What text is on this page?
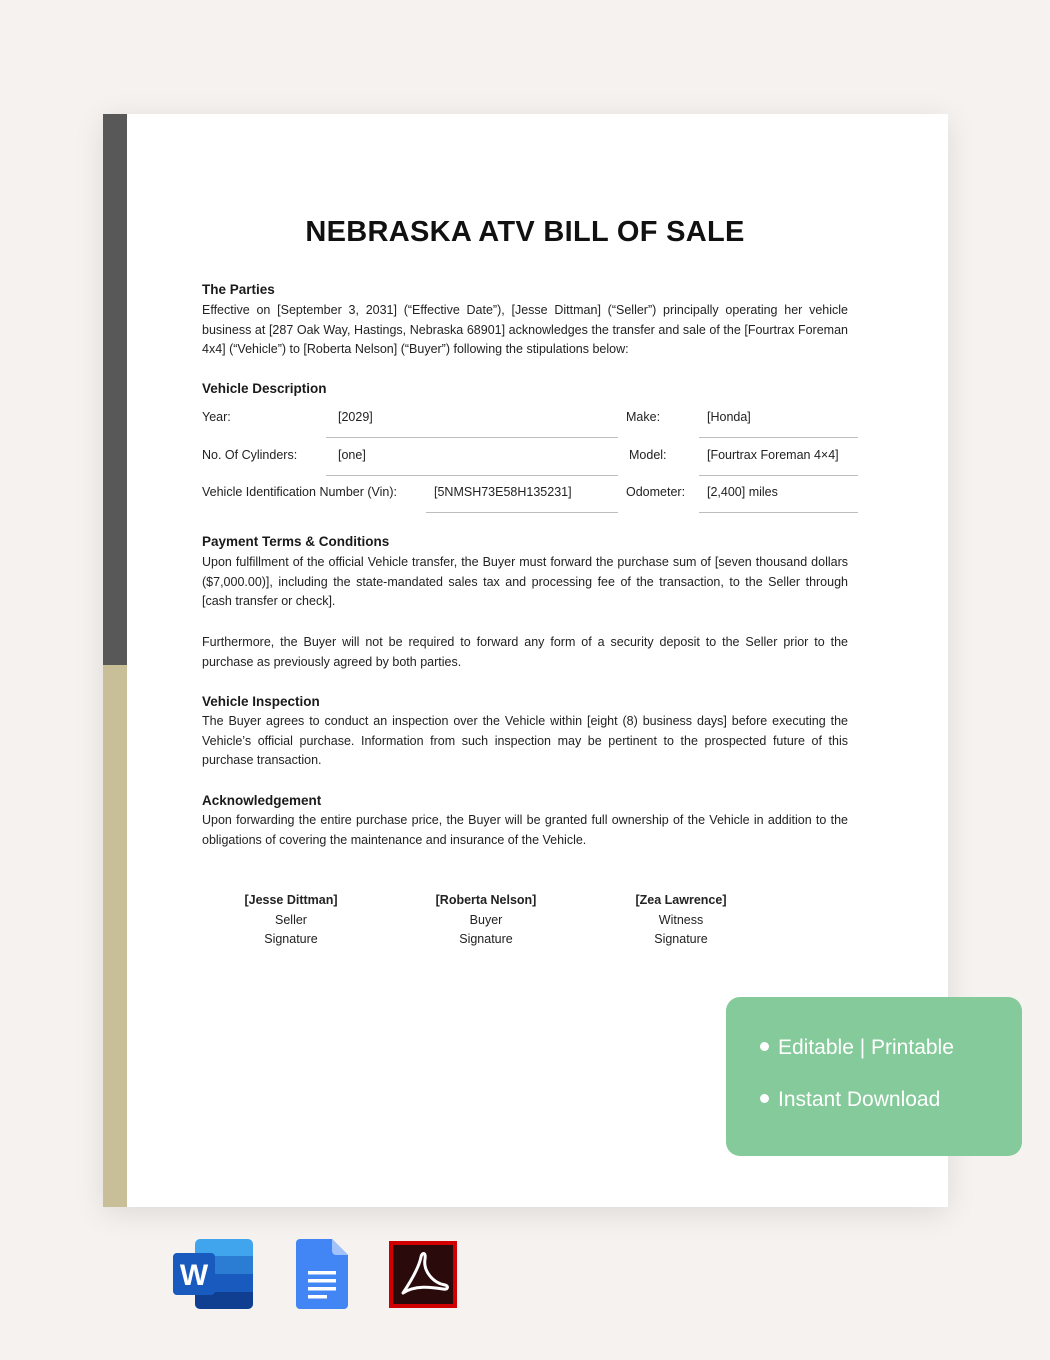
NEBRASKA ATV BILL OF SALE
The Parties
Effective on [September 3, 2031] (“Effective Date”), [Jesse Dittman] (“Seller”) principally operating her vehicle business at [287 Oak Way, Hastings, Nebraska 68901] acknowledges the transfer and sale of the [Fourtrax Foreman 4x4] (“Vehicle”) to [Roberta Nelson] (“Buyer”) following the stipulations below:
Vehicle Description
Year:	[2029]	Make:	[Honda]
No. Of Cylinders:	[one]	Model:	[Fourtrax Foreman 4×4]
Vehicle Identification Number (Vin):	[5NMSH73E58H135231]	Odometer: [2,400] miles
Payment Terms & Conditions
Upon fulfillment of the official Vehicle transfer, the Buyer must forward the purchase sum of [seven thousand dollars ($7,000.00)], including the state-mandated sales tax and processing fee of the transaction, to the Seller through [cash transfer or check].
Furthermore, the Buyer will not be required to forward any form of a security deposit to the Seller prior to the purchase as previously agreed by both parties.
Vehicle Inspection
The Buyer agrees to conduct an inspection over the Vehicle within [eight (8) business days] before executing the Vehicle’s official purchase. Information from such inspection may be pertinent to the prospected future of this purchase transaction.
Acknowledgement
Upon forwarding the entire purchase price, the Buyer will be granted full ownership of the Vehicle in addition to the obligations of covering the maintenance and insurance of the Vehicle.
[Jesse Dittman]
Seller
Signature
[Roberta Nelson]
Buyer
Signature
[Zea Lawrence]
Witness
Signature
Editable | Printable
Instant Download
W
